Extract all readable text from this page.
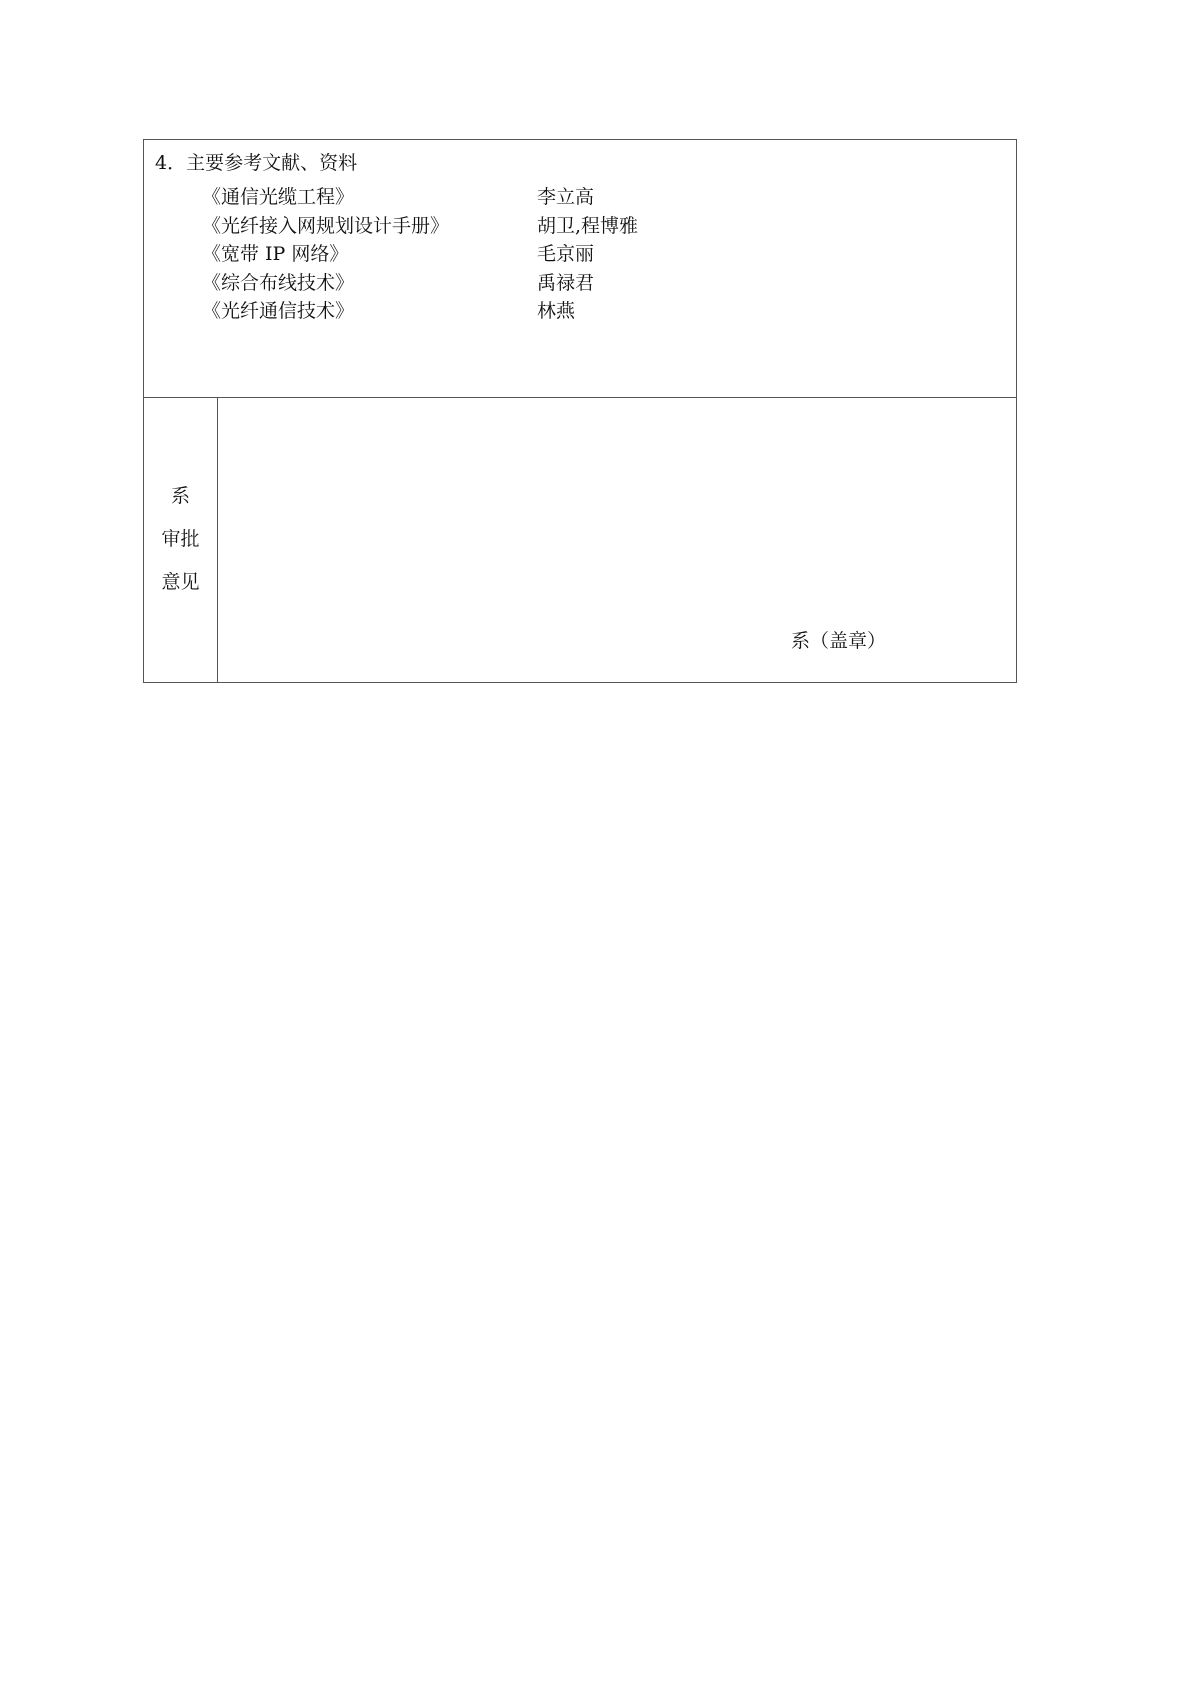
4．主要参考文献、资料
《通信光缆工程》	李立高
《光纤接入网规划设计手册》	胡卫,程博雅
《宽带 IP 网络》	毛京丽
《综合布线技术》	禹禄君
《光纤通信技术》	林燕
系
审批
意见
系（盖章）
